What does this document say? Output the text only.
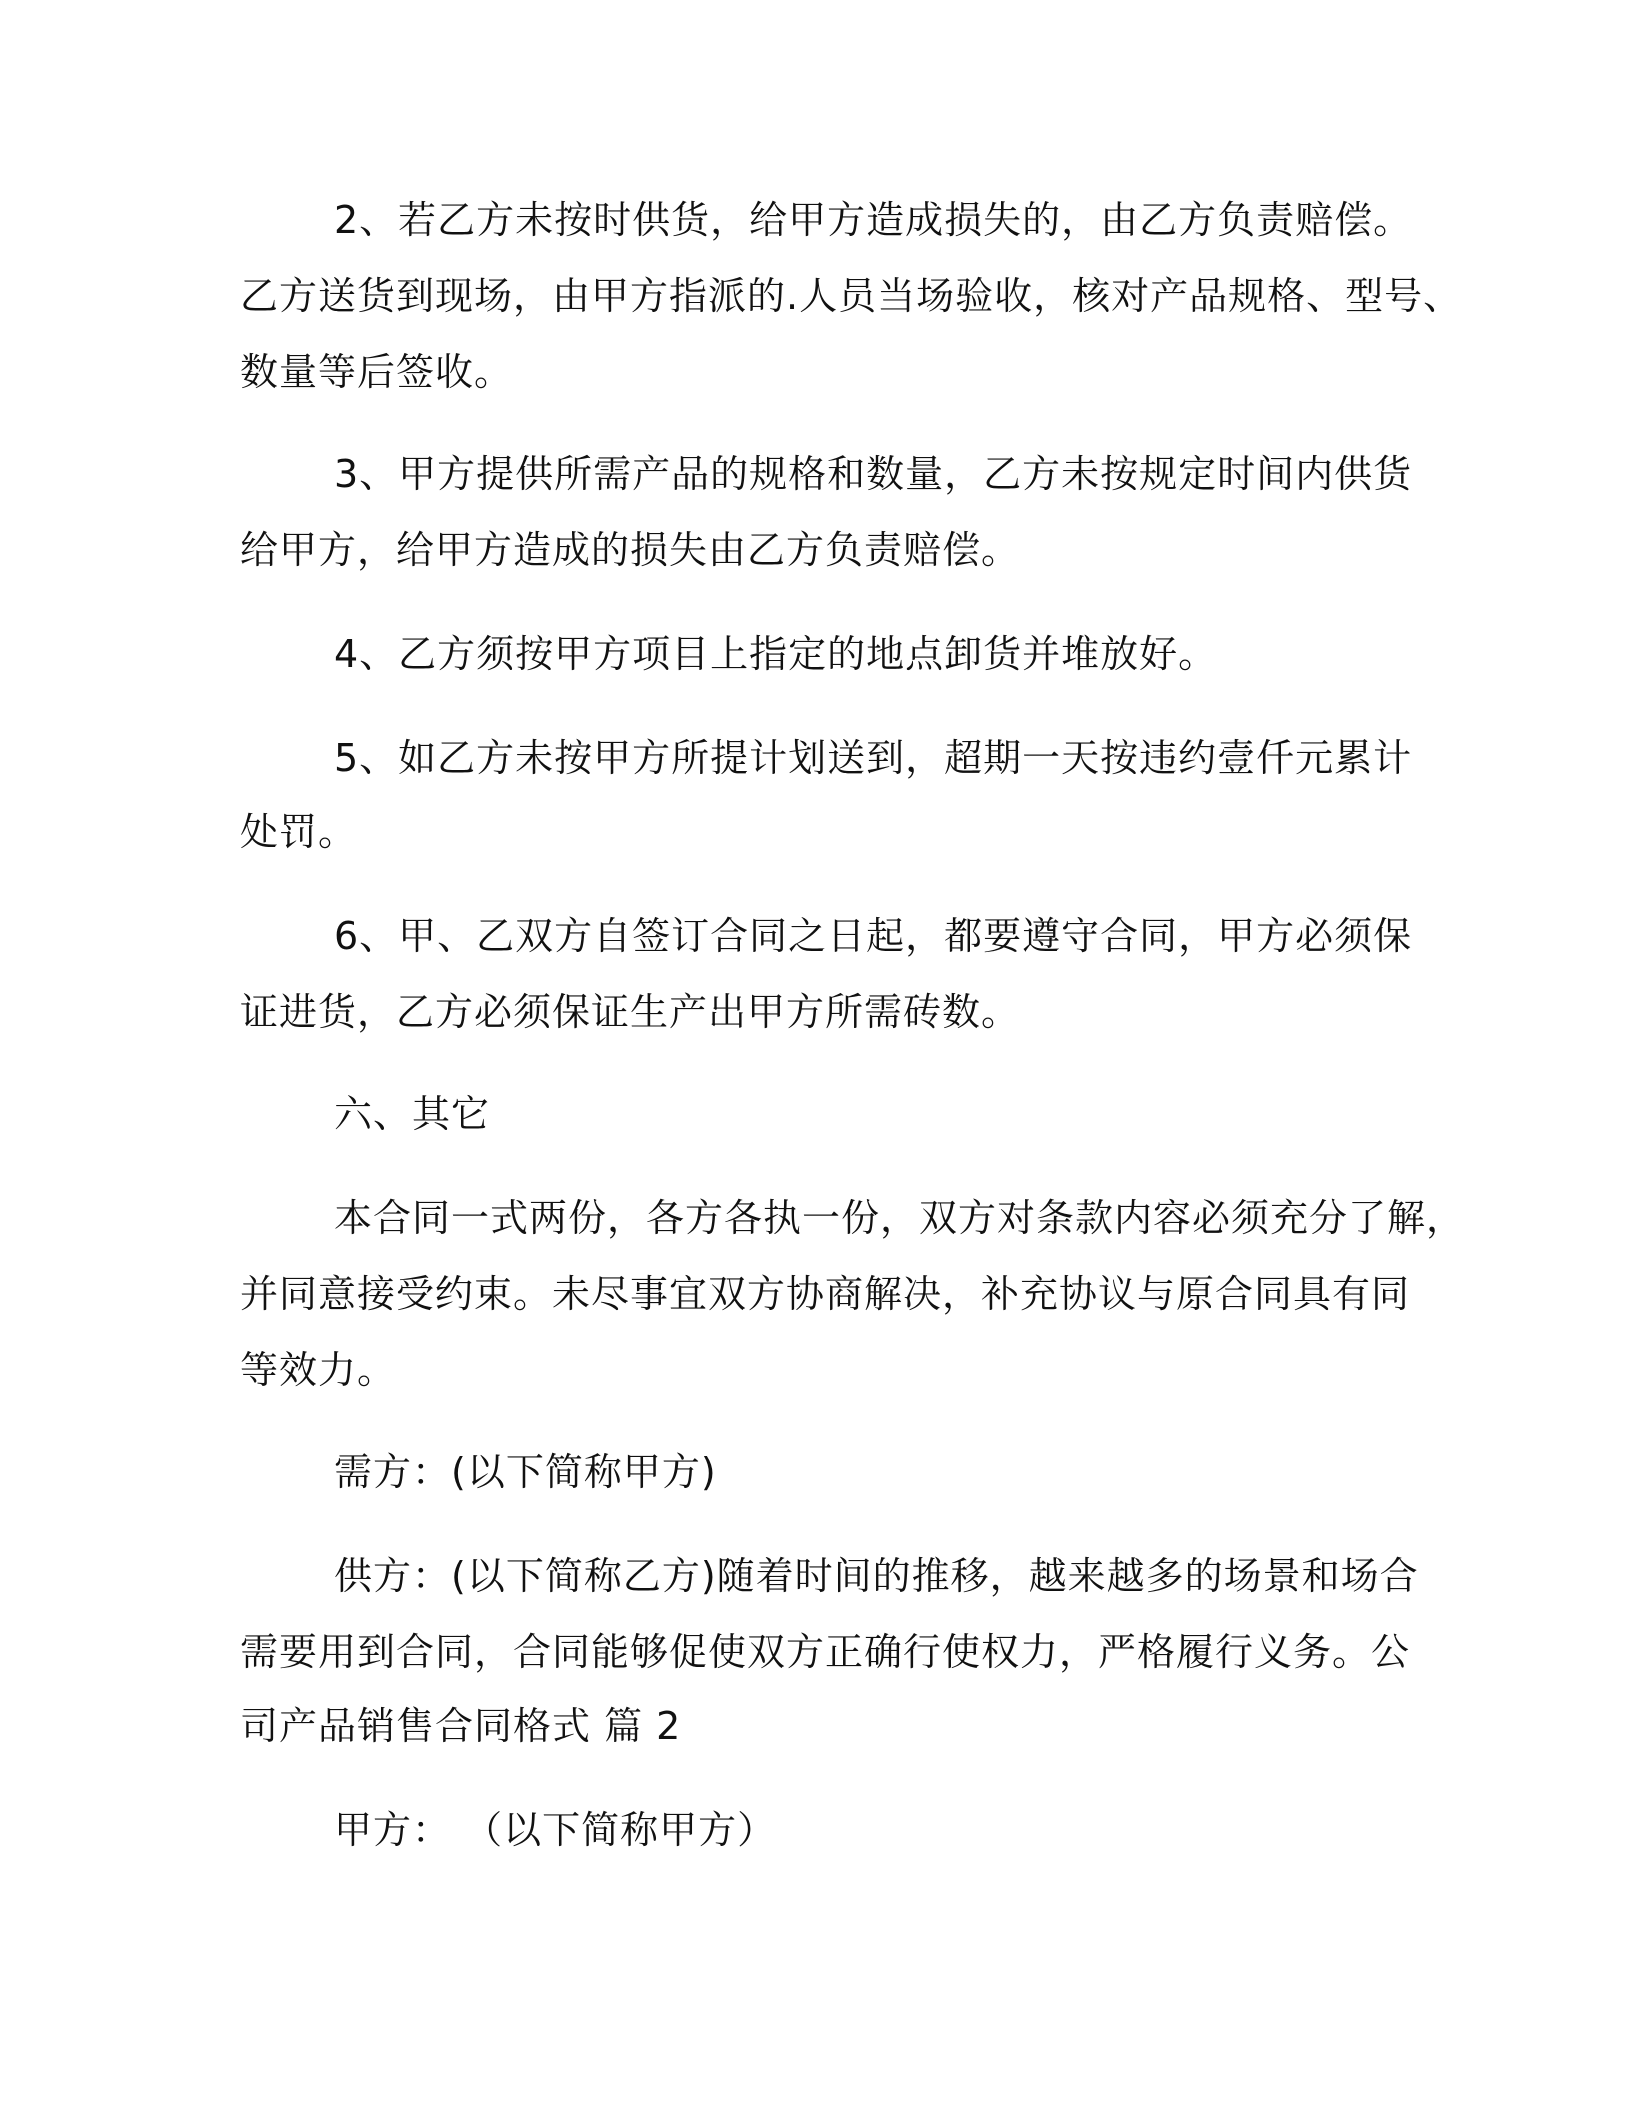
2、若乙方未按时供货，给甲方造成损失的，由乙方负责赔偿。
乙方送货到现场，由甲方指派的.人员当场验收，核对产品规格、型号、
数量等后签收。
3、甲方提供所需产品的规格和数量，乙方未按规定时间内供货
给甲方，给甲方造成的损失由乙方负责赔偿。
4、乙方须按甲方项目上指定的地点卸货并堆放好。
5、如乙方未按甲方所提计划送到，超期一天按违约壹仟元累计
处罚。
6、甲、乙双方自签订合同之日起，都要遵守合同，甲方必须保
证进货，乙方必须保证生产出甲方所需砖数。
六、其它
本合同一式两份，各方各执一份，双方对条款内容必须充分了解，
并同意接受约束。未尽事宜双方协商解决，补充协议与原合同具有同
等效力。
需方：(以下简称甲方)
供方：(以下简称乙方)随着时间的推移，越来越多的场景和场合
需要用到合同，合同能够促使双方正确行使权力，严格履行义务。公
司产品销售合同格式 篇 2
甲方： （以下简称甲方）
